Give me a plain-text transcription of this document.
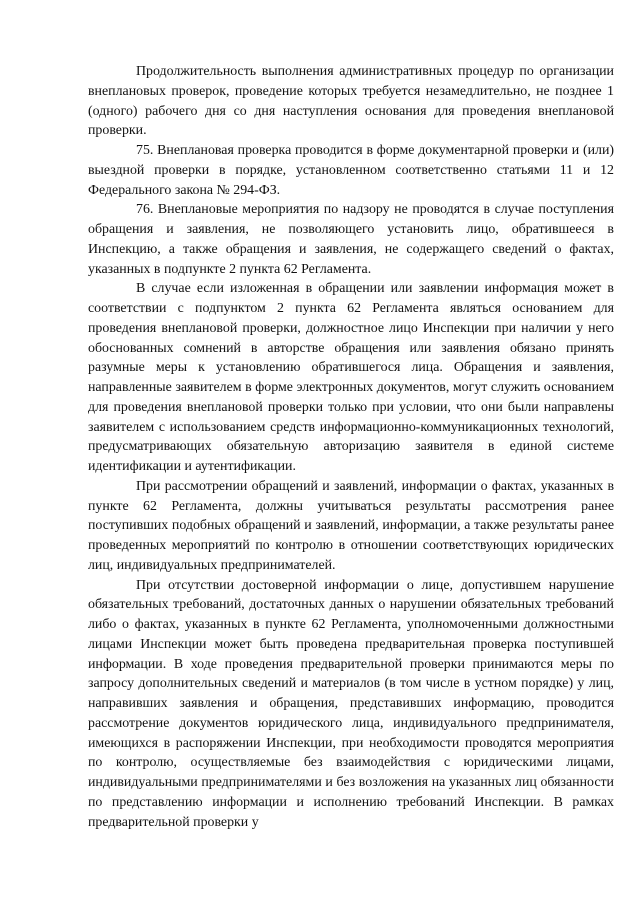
Продолжительность выполнения административных процедур по организации внеплановых проверок, проведение которых требуется незамедлительно, не позднее 1 (одного) рабочего дня со дня наступления основания для проведения внеплановой проверки.

75. Внеплановая проверка проводится в форме документарной проверки и (или) выездной проверки в порядке, установленном соответственно статьями 11 и 12 Федерального закона № 294-ФЗ.

76. Внеплановые мероприятия по надзору не проводятся в случае поступления обращения и заявления, не позволяющего установить лицо, обратившееся в Инспекцию, а также обращения и заявления, не содержащего сведений о фактах, указанных в подпункте 2 пункта 62 Регламента.

В случае если изложенная в обращении или заявлении информация может в соответствии с подпунктом 2 пункта 62 Регламента являться основанием для проведения внеплановой проверки, должностное лицо Инспекции при наличии у него обоснованных сомнений в авторстве обращения или заявления обязано принять разумные меры к установлению обратившегося лица. Обращения и заявления, направленные заявителем в форме электронных документов, могут служить основанием для проведения внеплановой проверки только при условии, что они были направлены заявителем с использованием средств информационно-коммуникационных технологий, предусматривающих обязательную авторизацию заявителя в единой системе идентификации и аутентификации.

При рассмотрении обращений и заявлений, информации о фактах, указанных в пункте 62 Регламента, должны учитываться результаты рассмотрения ранее поступивших подобных обращений и заявлений, информации, а также результаты ранее проведенных мероприятий по контролю в отношении соответствующих юридических лиц, индивидуальных предпринимателей.

При отсутствии достоверной информации о лице, допустившем нарушение обязательных требований, достаточных данных о нарушении обязательных требований либо о фактах, указанных в пункте 62 Регламента, уполномоченными должностными лицами Инспекции может быть проведена предварительная проверка поступившей информации. В ходе проведения предварительной проверки принимаются меры по запросу дополнительных сведений и материалов (в том числе в устном порядке) у лиц, направивших заявления и обращения, представивших информацию, проводится рассмотрение документов юридического лица, индивидуального предпринимателя, имеющихся в распоряжении Инспекции, при необходимости проводятся мероприятия по контролю, осуществляемые без взаимодействия с юридическими лицами, индивидуальными предпринимателями и без возложения на указанных лиц обязанности по представлению информации и исполнению требований Инспекции. В рамках предварительной проверки у
